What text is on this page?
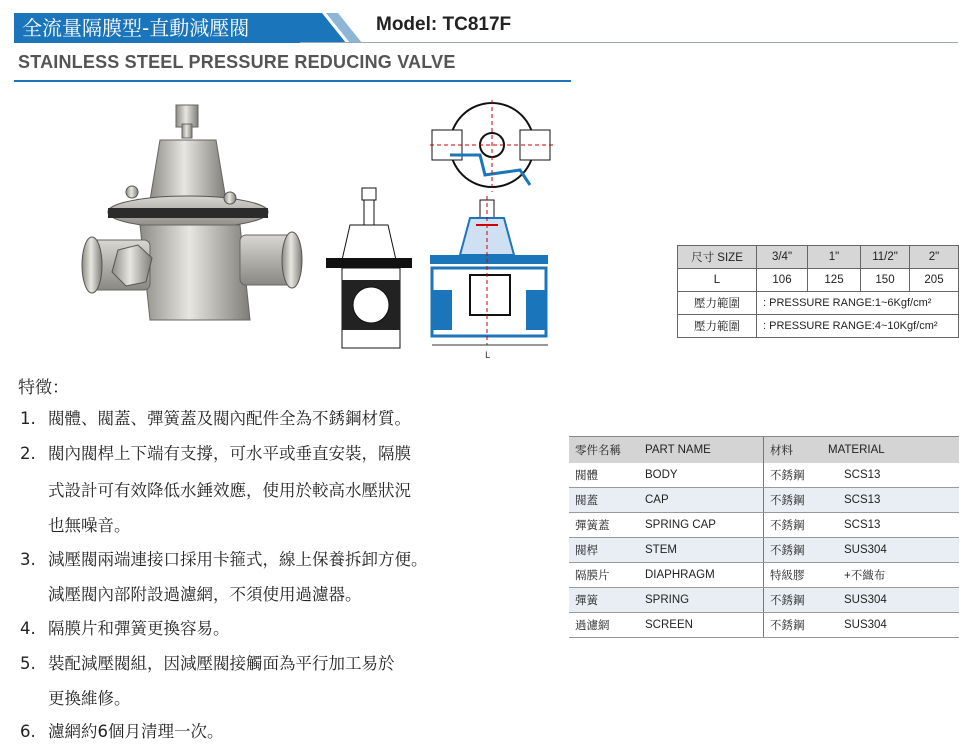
全流量隔膜型-直動減壓閥	Model: TC817F
STAINLESS STEEL PRESSURE REDUCING VALVE
L
尺寸 SIZE	3/4"	1"	11/2"	2"
L	106	125	150	205
壓力範圍	: PRESSURE RANGE:1~6Kgf/cm²			
壓力範圍	: PRESSURE RANGE:4~10Kgf/cm²			
特徵：
1. 閥體、閥蓋、彈簧蓋及閥內配件全為不銹鋼材質。
2. 閥內閥桿上下端有支撐，可水平或垂直安裝，隔膜
式設計可有效降低水錘效應，使用於較高水壓狀況
也無噪音。
3. 減壓閥兩端連接口採用卡箍式，線上保養拆卸方便。
減壓閥內部附設過濾網，不須使用過濾器。
4. 隔膜片和彈簧更換容易。
5. 裝配減壓閥組，因減壓閥接觸面為平行加工易於
更換維修。
6. 濾網約6個月清理一次。
零件名稱	PART NAME	材料	MATERIAL
閥體	BODY	不銹鋼	SCS13
閥蓋	CAP	不銹鋼	SCS13
彈簧蓋	SPRING CAP	不銹鋼	SCS13
閥桿	STEM	不銹鋼	SUS304
隔膜片	DIAPHRAGM	特級膠	+不織布
彈簧	SPRING	不銹鋼	SUS304
過濾網	SCREEN	不銹鋼	SUS304
